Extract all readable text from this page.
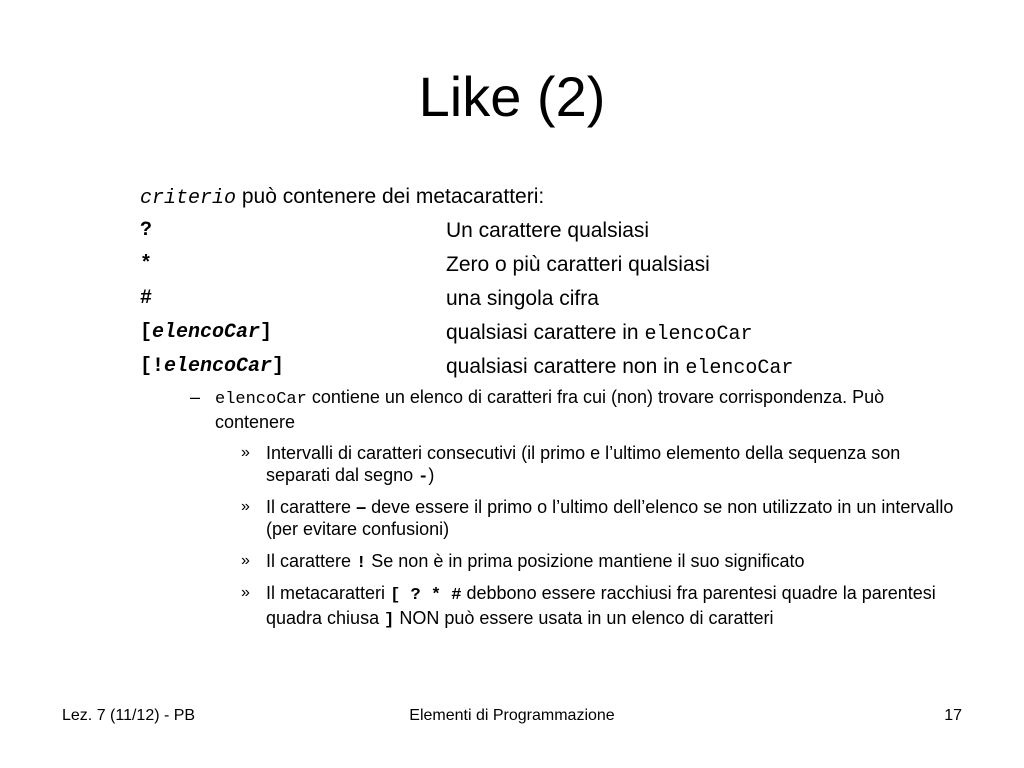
Like (2)
criterio può contenere dei metacaratteri:
?	Un carattere qualsiasi
*	Zero o più caratteri qualsiasi
#	una singola cifra
[elencoCar]	qualsiasi carattere in elencoCar
[!elencoCar]	qualsiasi carattere non in elencoCar
– elencoCar contiene un elenco di caratteri fra cui (non) trovare corrispondenza. Può contenere
» Intervalli di caratteri consecutivi (il primo e l’ultimo elemento della sequenza son separati dal segno -)
» Il carattere – deve essere il primo o l’ultimo dell’elenco se non utilizzato in un intervallo (per evitare confusioni)
» Il carattere ! Se non è in prima posizione mantiene il suo significato
» Il metacaratteri [ ? * # debbono essere racchiusi fra parentesi quadre la parentesi quadra chiusa ] NON può essere usata in un elenco di caratteri
Lez. 7 (11/12) - PB	Elementi di Programmazione	17
